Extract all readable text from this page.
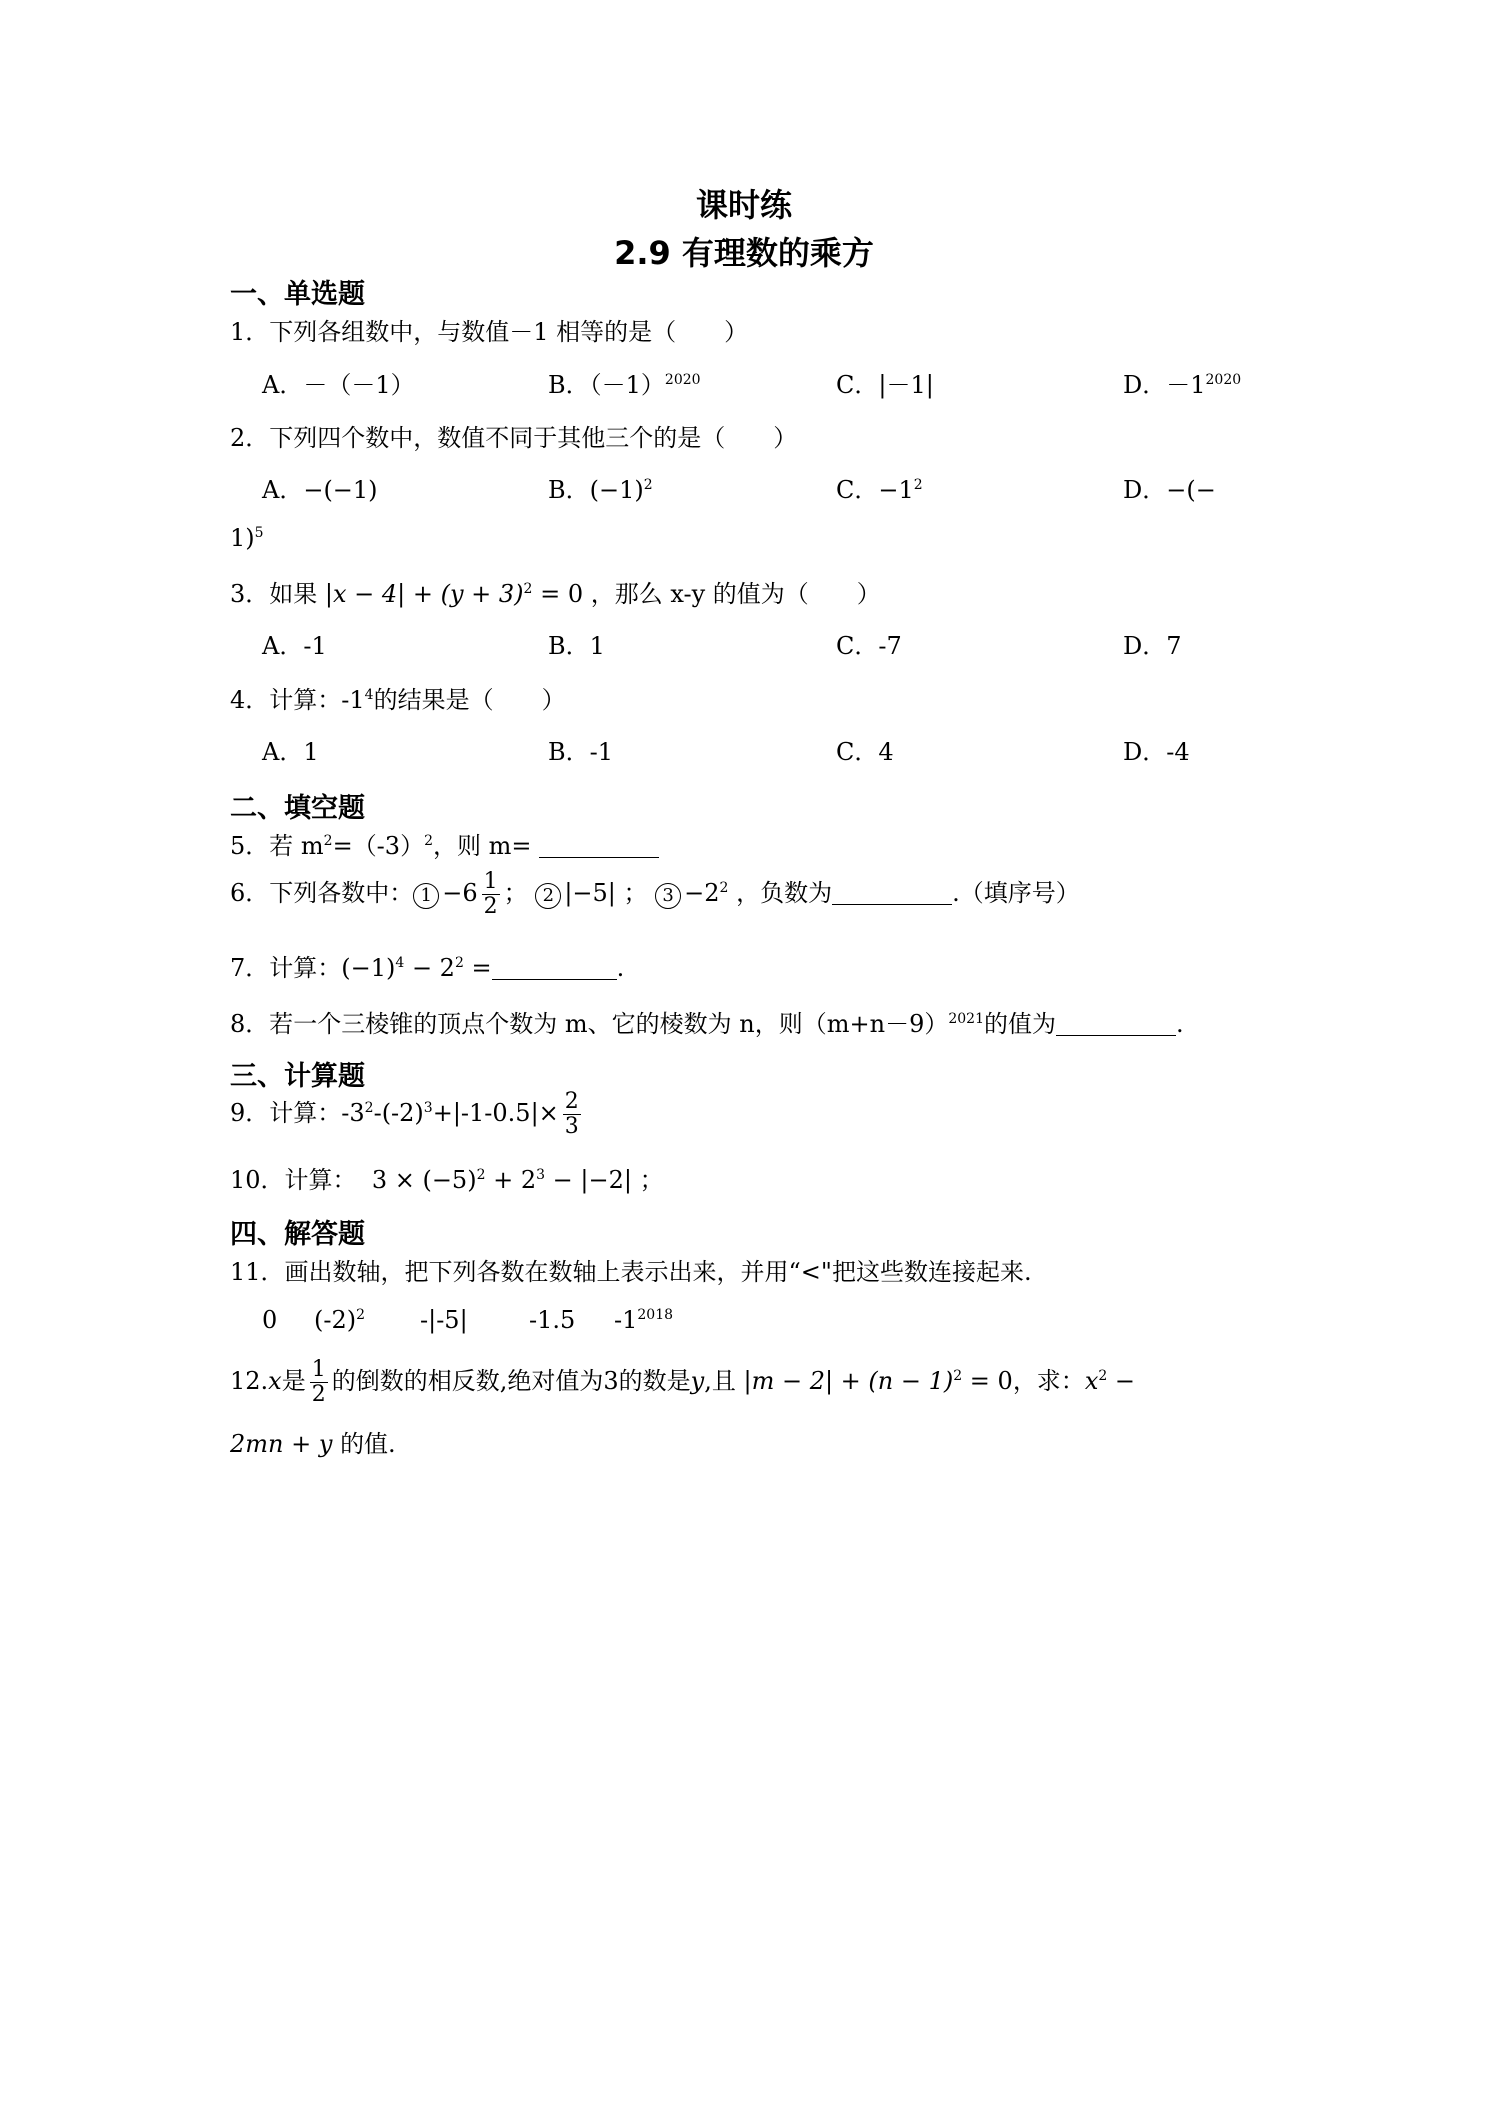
课时练
2.9 有理数的乘方
一、单选题
1．下列各组数中，与数值－1 相等的是（　　）
A．－（－1）	B．$(-1)^{2020}$	C．|－1|	D．$-1^{2020}$
2．下列四个数中，数值不同于其他三个的是（　　）
A．−(−1)	B．$(-1)^2$	C．$-1^2$	D．−(−
1)$^5$
3．如果 $|x - 4| + (y + 3)^2 = 0$ ，那么 x-y 的值为（　　）
A．-1	B．1	C．-7	D．7
4．计算：$-1^4$的结果是（　　）
A．1	B．-1	C．4	D．-4
二、填空题
5．若 $m^2=(-3)^2$，则 m=
6．下列各数中： $1 -6 \frac{1}{2}$ ； 2 |−5| ； $3 -2^2$ ，负数为	.（填序号）
7．计算：$(-1)^4 - 2^2$ =	.
8．若一个三棱锥的顶点个数为 m、它的棱数为 n，则$(m+n-9)^{2021}$的值为	.
三、计算题
9．计算：$-3^2-(-2)^3+|-1-0.5|\times \frac{2}{3}$
10．计算： $3 \times (-5)^2 + 2^3 - |-2|$ ；
四、解答题
11．画出数轴，把下列各数在数轴上表示出来，并用“<"把这些数连接起来.
0 $(-2)^2$ -|-5|	-1.5 $-1^{2018}$
12.x是 $\frac{1}{2}$ 的倒数的相反数,绝对值为3的数是y,且 $|m - 2| + (n - 1)^2 = 0$，求：$x^2$ −
2mn + y 的值.
